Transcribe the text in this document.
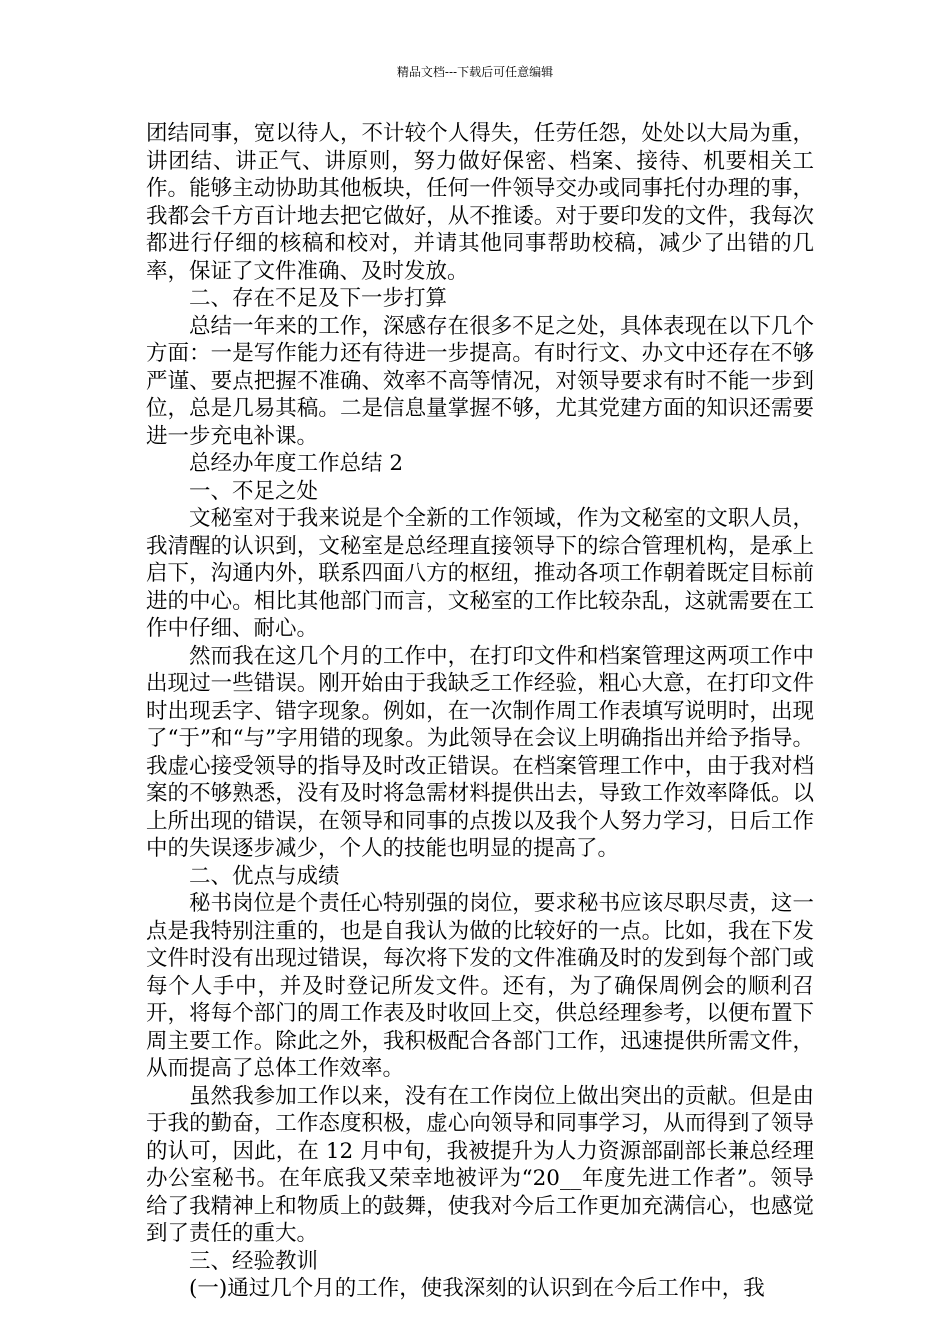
精品文档---下载后可任意编辑

团结同事，宽以待人，不计较个人得失，任劳任怨，处处以大局为重，讲团结、讲正气、讲原则，努力做好保密、档案、接待、机要相关工作。能够主动协助其他板块，任何一件领导交办或同事托付办理的事，我都会千方百计地去把它做好，从不推诿。对于要印发的文件，我每次都进行仔细的核稿和校对，并请其他同事帮助校稿，减少了出错的几率，保证了文件准确、及时发放。

二、存在不足及下一步打算

总结一年来的工作，深感存在很多不足之处，具体表现在以下几个方面：一是写作能力还有待进一步提高。有时行文、办文中还存在不够严谨、要点把握不准确、效率不高等情况，对领导要求有时不能一步到位，总是几易其稿。二是信息量掌握不够，尤其党建方面的知识还需要进一步充电补课。

总经办年度工作总结 2

一、不足之处

文秘室对于我来说是个全新的工作领域，作为文秘室的文职人员，我清醒的认识到，文秘室是总经理直接领导下的综合管理机构，是承上启下，沟通内外，联系四面八方的枢纽，推动各项工作朝着既定目标前进的中心。相比其他部门而言，文秘室的工作比较杂乱，这就需要在工作中仔细、耐心。

然而我在这几个月的工作中，在打印文件和档案管理这两项工作中出现过一些错误。刚开始由于我缺乏工作经验，粗心大意，在打印文件时出现丢字、错字现象。例如，在一次制作周工作表填写说明时，出现了“于”和“与”字用错的现象。为此领导在会议上明确指出并给予指导。我虚心接受领导的指导及时改正错误。在档案管理工作中，由于我对档案的不够熟悉，没有及时将急需材料提供出去，导致工作效率降低。以上所出现的错误，在领导和同事的点拨以及我个人努力学习，日后工作中的失误逐步减少，个人的技能也明显的提高了。

二、优点与成绩

秘书岗位是个责任心特别强的岗位，要求秘书应该尽职尽责，这一点是我特别注重的，也是自我认为做的比较好的一点。比如，我在下发文件时没有出现过错误，每次将下发的文件准确及时的发到每个部门或每个人手中，并及时登记所发文件。还有，为了确保周例会的顺利召开，将每个部门的周工作表及时收回上交，供总经理参考，以便布置下周主要工作。除此之外，我积极配合各部门工作，迅速提供所需文件，从而提高了总体工作效率。

虽然我参加工作以来，没有在工作岗位上做出突出的贡献。但是由于我的勤奋，工作态度积极，虚心向领导和同事学习，从而得到了领导的认可，因此，在 12 月中旬，我被提升为人力资源部副部长兼总经理办公室秘书。在年底我又荣幸地被评为“20__年度先进工作者”。领导给了我精神上和物质上的鼓舞，使我对今后工作更加充满信心，也感觉到了责任的重大。

三、经验教训

(一)通过几个月的工作，使我深刻的认识到在今后工作中，我
